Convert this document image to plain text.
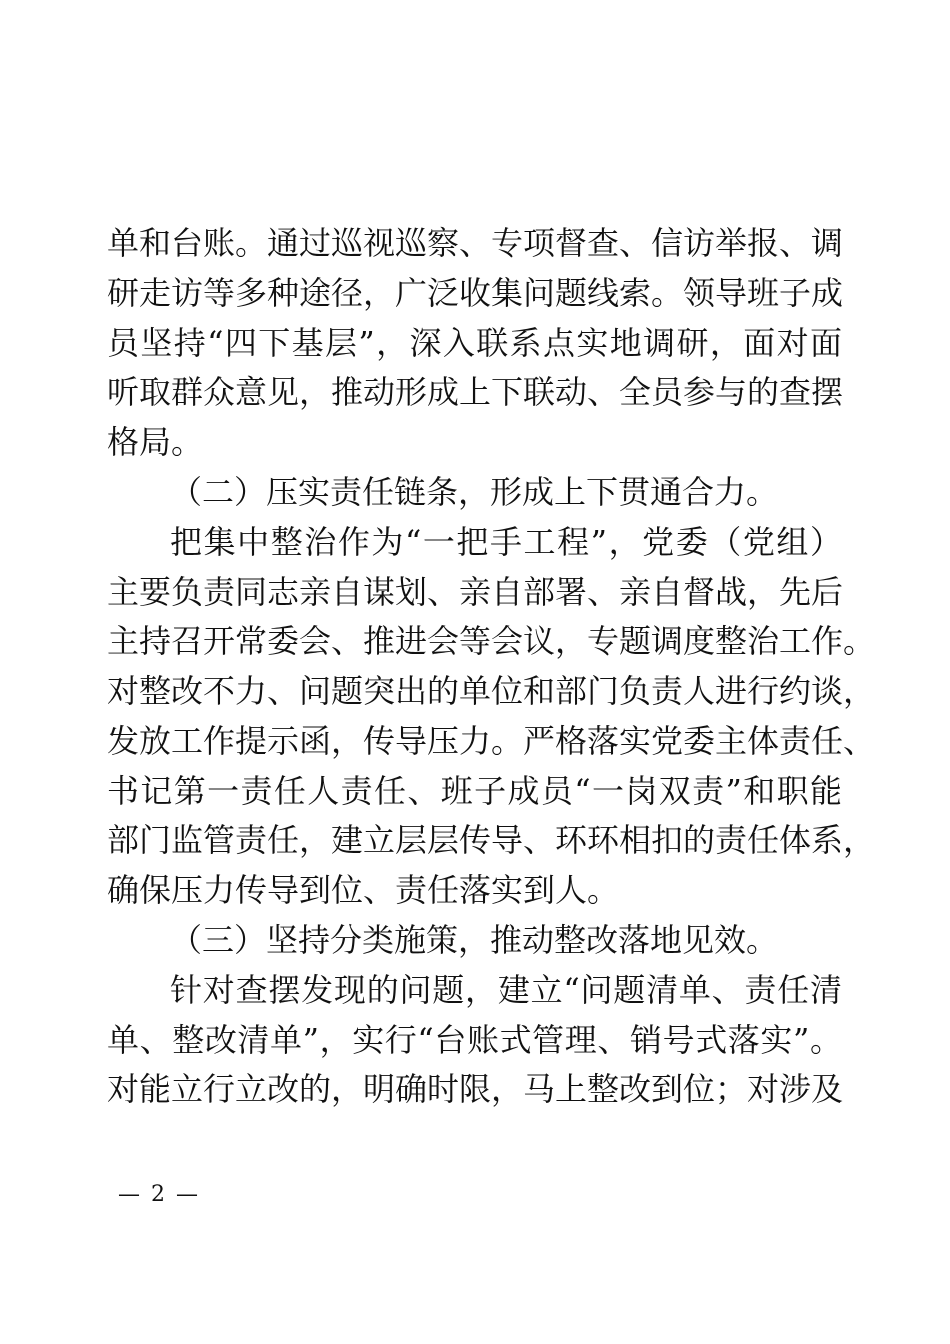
单和台账。通过巡视巡察、专项督查、信访举报、调
研走访等多种途径，广泛收集问题线索。领导班子成
员坚持“四下基层”，深入联系点实地调研，面对面
听取群众意见，推动形成上下联动、全员参与的查摆
格局。
（二）压实责任链条，形成上下贯通合力。
把集中整治作为“一把手工程”，党委（党组）
主要负责同志亲自谋划、亲自部署、亲自督战，先后
主持召开常委会、推进会等会议，专题调度整治工作。
对整改不力、问题突出的单位和部门负责人进行约谈，
发放工作提示函，传导压力。严格落实党委主体责任、
书记第一责任人责任、班子成员“一岗双责”和职能
部门监管责任，建立层层传导、环环相扣的责任体系，
确保压力传导到位、责任落实到人。
（三）坚持分类施策，推动整改落地见效。
针对查摆发现的问题，建立“问题清单、责任清
单、整改清单”，实行“台账式管理、销号式落实”。
对能立行立改的，明确时限，马上整改到位；对涉及
— 2 —
